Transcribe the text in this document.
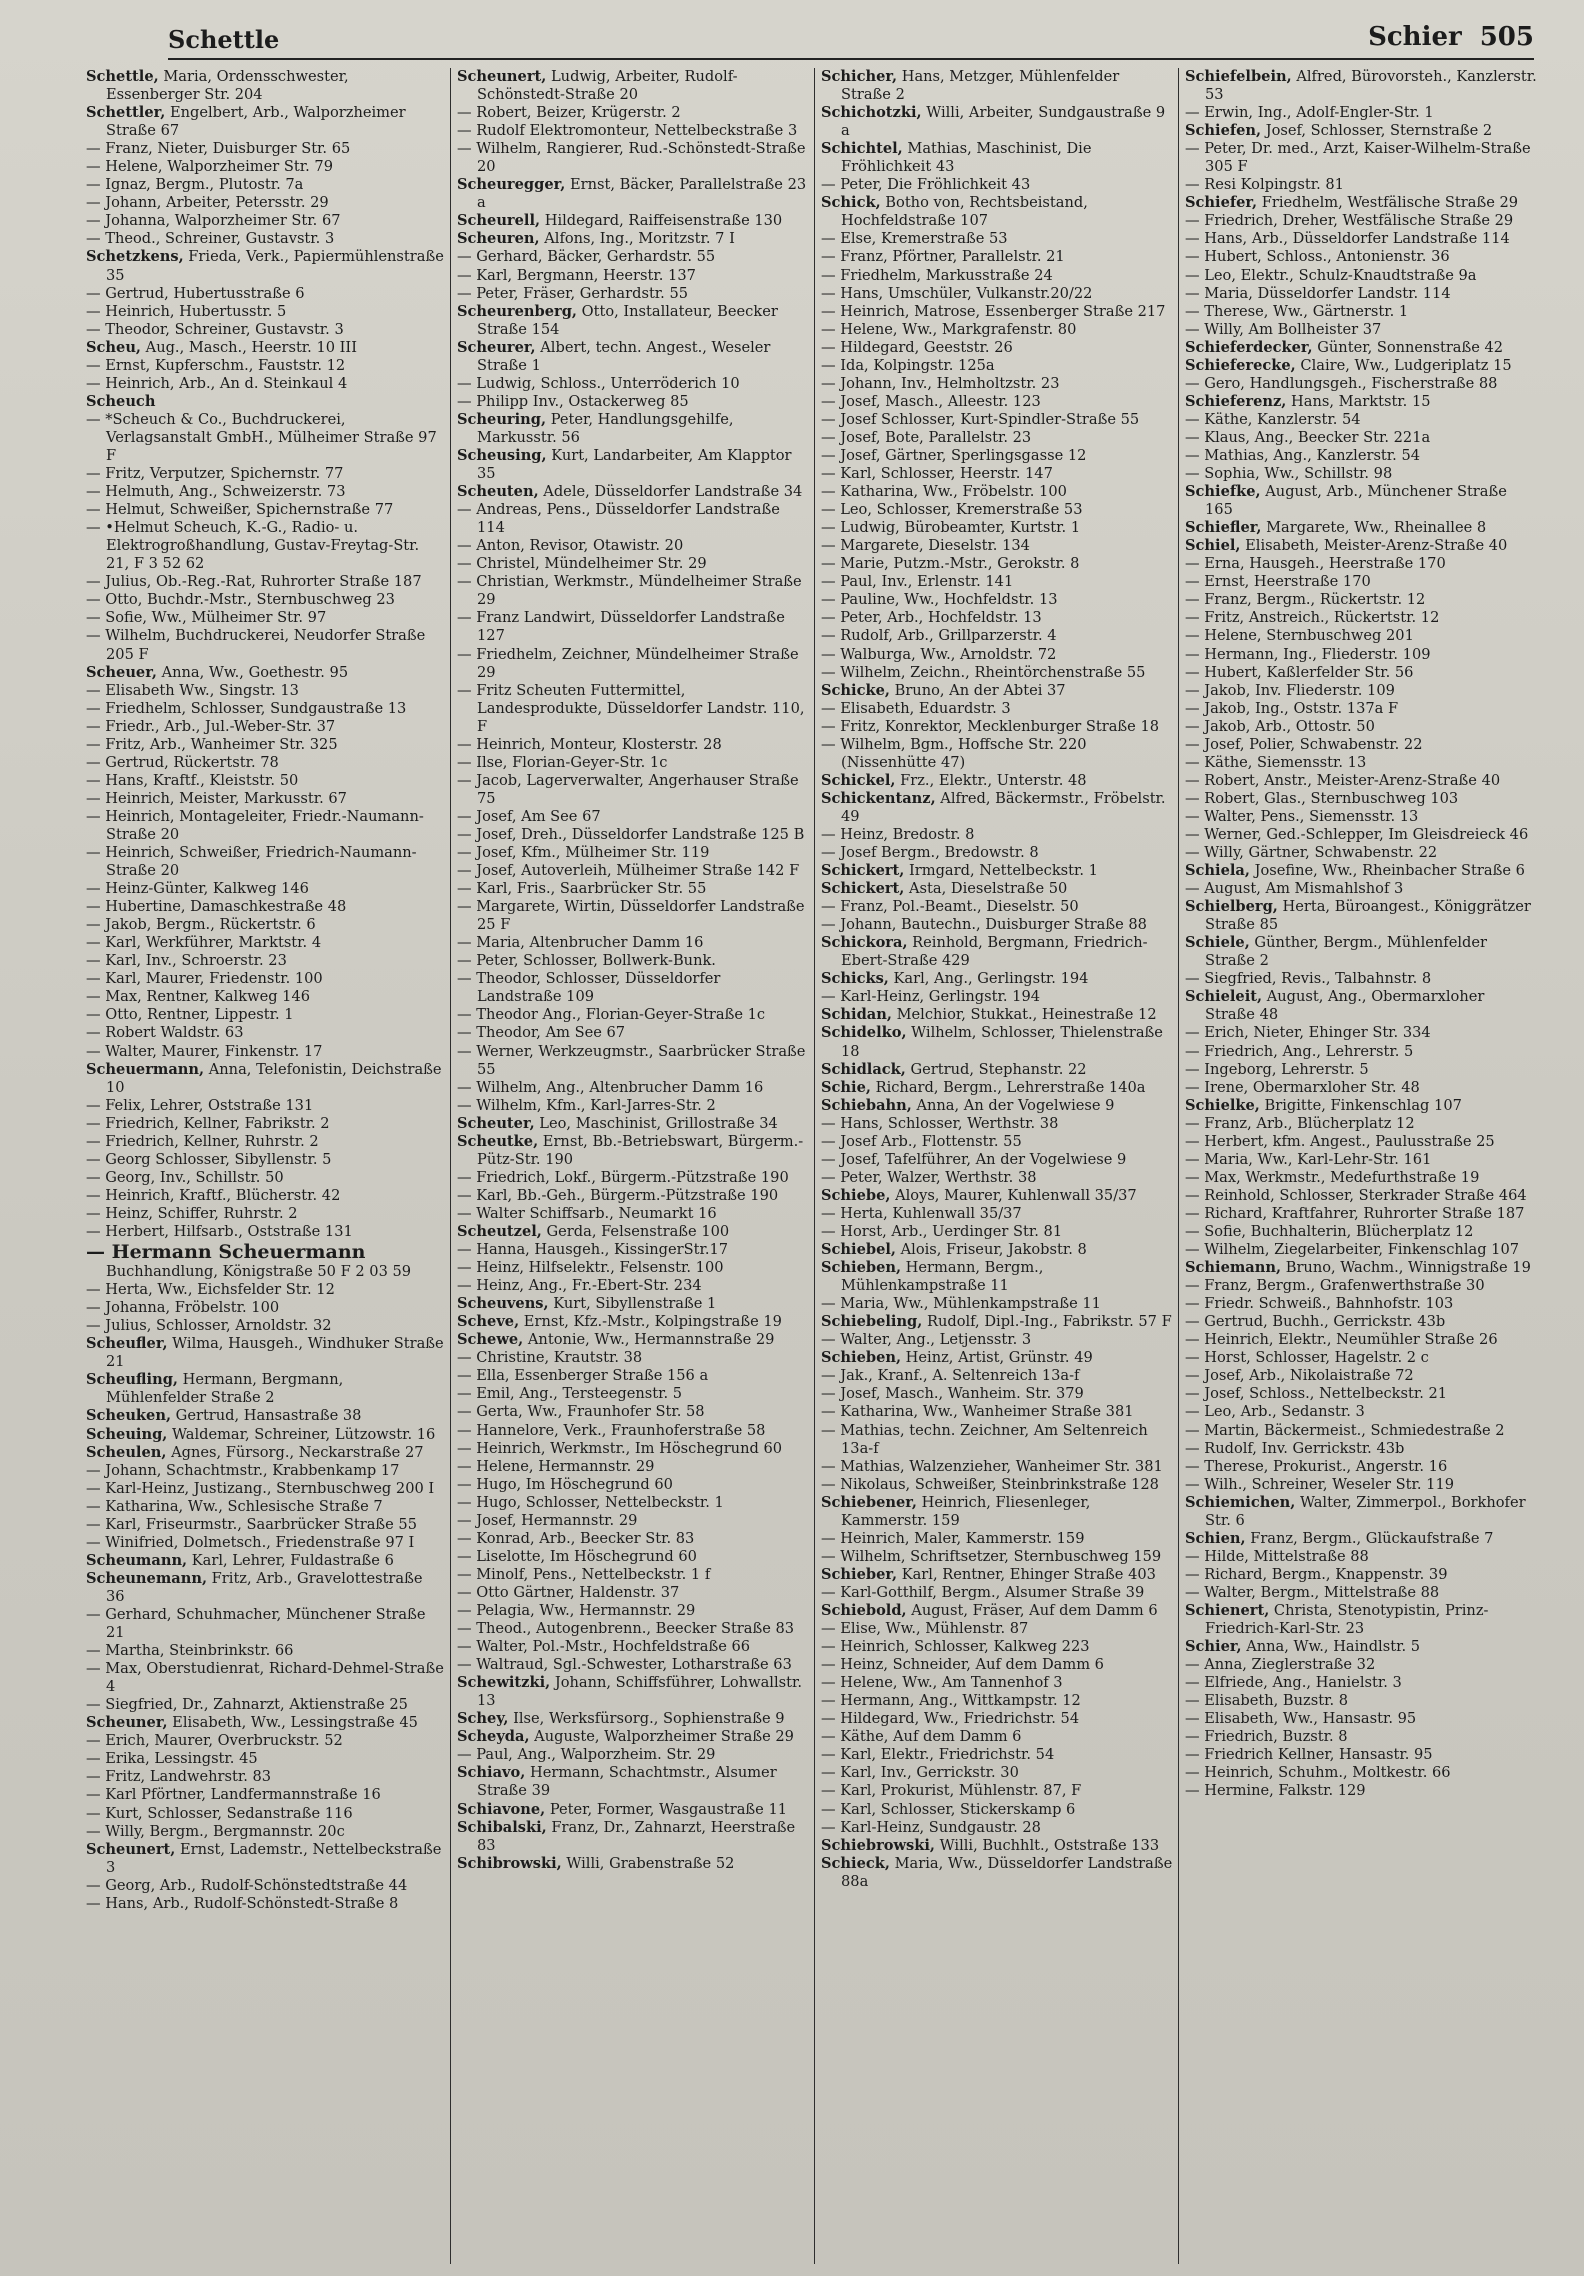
Schettle	Schier 505
Schettle, Maria, Ordensschwester, Essenberger Str. 204
Schettler, Engelbert, Arb., Walporzheimer Straße 67
— Franz, Nieter, Duisburger Str. 65
— Helene, Walporzheimer Str. 79
— Ignaz, Bergm., Plutostr. 7a
— Johann, Arbeiter, Petersstr. 29
— Johanna, Walporzheimer Str. 67
— Theod., Schreiner, Gustavstr. 3
Schetzkens, Frieda, Verk., Papiermühlenstraße 35
— Gertrud, Hubertusstraße 6
— Heinrich, Hubertusstr. 5
— Theodor, Schreiner, Gustavstr. 3
Scheu, Aug., Masch., Heerstr. 10 III
— Ernst, Kupferschm., Fauststr. 12
— Heinrich, Arb., An d. Steinkaul 4
Scheuch
— *Scheuch & Co., Buchdruckerei, Verlagsanstalt GmbH., Mülheimer Straße 97 F
— Fritz, Verputzer, Spichernstr. 77
— Helmuth, Ang., Schweizerstr. 73
— Helmut, Schweißer, Spichernstraße 77
— •Helmut Scheuch, K.-G., Radio- u. Elektrogroßhandlung, Gustav-Freytag-Str. 21, F 3 52 62
— Julius, Ob.-Reg.-Rat, Ruhrorter Straße 187
— Otto, Buchdr.-Mstr., Sternbuschweg 23
— Sofie, Ww., Mülheimer Str. 97
— Wilhelm, Buchdruckerei, Neudorfer Straße 205 F
Scheuer, Anna, Ww., Goethestr. 95
— Elisabeth Ww., Singstr. 13
— Friedhelm, Schlosser, Sundgaustraße 13
— Friedr., Arb., Jul.-Weber-Str. 37
— Fritz, Arb., Wanheimer Str. 325
— Gertrud, Rückertstr. 78
— Hans, Kraftf., Kleiststr. 50
— Heinrich, Meister, Markusstr. 67
— Heinrich, Montageleiter, Friedr.-Naumann-Straße 20
— Heinrich, Schweißer, Friedrich-Naumann-Straße 20
— Heinz-Günter, Kalkweg 146
— Hubertine, Damaschkestraße 48
— Jakob, Bergm., Rückertstr. 6
— Karl, Werkführer, Marktstr. 4
— Karl, Inv., Schroerstr. 23
— Karl, Maurer, Friedenstr. 100
— Max, Rentner, Kalkweg 146
— Otto, Rentner, Lippestr. 1
— Robert Waldstr. 63
— Walter, Maurer, Finkenstr. 17
Scheuermann, Anna, Telefonistin, Deichstraße 10
— Felix, Lehrer, Oststraße 131
— Friedrich, Kellner, Fabrikstr. 2
— Friedrich, Kellner, Ruhrstr. 2
— Georg Schlosser, Sibyllenstr. 5
— Georg, Inv., Schillstr. 50
— Heinrich, Kraftf., Blücherstr. 42
— Heinz, Schiffer, Ruhrstr. 2
— Herbert, Hilfsarb., Oststraße 131
— Hermann Scheuermann
Buchhandlung, Königstraße 50 F 2 03 59
— Herta, Ww., Eichsfelder Str. 12
— Johanna, Fröbelstr. 100
— Julius, Schlosser, Arnoldstr. 32
Scheufler, Wilma, Hausgeh., Windhuker Straße 21
Scheufling, Hermann, Bergmann, Mühlenfelder Straße 2
Scheuken, Gertrud, Hansastraße 38
Scheuing, Waldemar, Schreiner, Lützowstr. 16
Scheulen, Agnes, Fürsorg., Neckarstraße 27
— Johann, Schachtmstr., Krabbenkamp 17
— Karl-Heinz, Justizang., Sternbuschweg 200 I
— Katharina, Ww., Schlesische Straße 7
— Karl, Friseurmstr., Saarbrücker Straße 55
— Winifried, Dolmetsch., Friedenstraße 97 I
Scheumann, Karl, Lehrer, Fuldastraße 6
Scheunemann, Fritz, Arb., Gravelottestraße 36
— Gerhard, Schuhmacher, Münchener Straße 21
— Martha, Steinbrinkstr. 66
— Max, Oberstudienrat, Richard-Dehmel-Straße 4
— Siegfried, Dr., Zahnarzt, Aktienstraße 25
Scheuner, Elisabeth, Ww., Lessingstraße 45
— Erich, Maurer, Overbruckstr. 52
— Erika, Lessingstr. 45
— Fritz, Landwehrstr. 83
— Karl Pförtner, Landfermannstraße 16
— Kurt, Schlosser, Sedanstraße 116
— Willy, Bergm., Bergmannstr. 20c
Scheunert, Ernst, Lademstr., Nettelbeckstraße 3
— Georg, Arb., Rudolf-Schönstedtstraße 44
— Hans, Arb., Rudolf-Schönstedt-Straße 8
Scheunert, Ludwig, Arbeiter, Rudolf-Schönstedt-Straße 20
— Robert, Beizer, Krügerstr. 2
— Rudolf Elektromonteur, Nettelbeckstraße 3
— Wilhelm, Rangierer, Rud.-Schönstedt-Straße 20
Scheuregger, Ernst, Bäcker, Parallelstraße 23 a
Scheurell, Hildegard, Raiffeisenstraße 130
Scheuren, Alfons, Ing., Moritzstr. 7 I
— Gerhard, Bäcker, Gerhardstr. 55
— Karl, Bergmann, Heerstr. 137
— Peter, Fräser, Gerhardstr. 55
Scheurenberg, Otto, Installateur, Beecker Straße 154
Scheurer, Albert, techn. Angest., Weseler Straße 1
— Ludwig, Schloss., Unterröderich 10
— Philipp Inv., Ostackerweg 85
Scheuring, Peter, Handlungsgehilfe, Markusstr. 56
Scheusing, Kurt, Landarbeiter, Am Klapptor 35
Scheuten, Adele, Düsseldorfer Landstraße 34
— Andreas, Pens., Düsseldorfer Landstraße 114
— Anton, Revisor, Otawistr. 20
— Christel, Mündelheimer Str. 29
— Christian, Werkmstr., Mündelheimer Straße 29
— Franz Landwirt, Düsseldorfer Landstraße 127
— Friedhelm, Zeichner, Mündelheimer Straße 29
— Fritz Scheuten Futtermittel, Landesprodukte, Düsseldorfer Landstr. 110, F
— Heinrich, Monteur, Klosterstr. 28
— Ilse, Florian-Geyer-Str. 1c
— Jacob, Lagerverwalter, Angerhauser Straße 75
— Josef, Am See 67
— Josef, Dreh., Düsseldorfer Landstraße 125 B
— Josef, Kfm., Mülheimer Str. 119
— Josef, Autoverleih, Mülheimer Straße 142 F
— Karl, Fris., Saarbrücker Str. 55
— Margarete, Wirtin, Düsseldorfer Landstraße 25 F
— Maria, Altenbrucher Damm 16
— Peter, Schlosser, Bollwerk-Bunk.
— Theodor, Schlosser, Düsseldorfer Landstraße 109
— Theodor Ang., Florian-Geyer-Straße 1c
— Theodor, Am See 67
— Werner, Werkzeugmstr., Saarbrücker Straße 55
— Wilhelm, Ang., Altenbrucher Damm 16
— Wilhelm, Kfm., Karl-Jarres-Str. 2
Scheuter, Leo, Maschinist, Grillostraße 34
Scheutke, Ernst, Bb.-Betriebswart, Bürgerm.-Pütz-Str. 190
— Friedrich, Lokf., Bürgerm.-Pützstraße 190
— Karl, Bb.-Geh., Bürgerm.-Pützstraße 190
— Walter Schiffsarb., Neumarkt 16
Scheutzel, Gerda, Felsenstraße 100
— Hanna, Hausgeh., KissingerStr.17
— Heinz, Hilfselektr., Felsenstr. 100
— Heinz, Ang., Fr.-Ebert-Str. 234
Scheuvens, Kurt, Sibyllenstraße 1
Scheve, Ernst, Kfz.-Mstr., Kolpingstraße 19
Schewe, Antonie, Ww., Hermannstraße 29
— Christine, Krautstr. 38
— Ella, Essenberger Straße 156 a
— Emil, Ang., Tersteegenstr. 5
— Gerta, Ww., Fraunhofer Str. 58
— Hannelore, Verk., Fraunhoferstraße 58
— Heinrich, Werkmstr., Im Höschegrund 60
— Helene, Hermannstr. 29
— Hugo, Im Höschegrund 60
— Hugo, Schlosser, Nettelbeckstr. 1
— Josef, Hermannstr. 29
— Konrad, Arb., Beecker Str. 83
— Liselotte, Im Höschegrund 60
— Minolf, Pens., Nettelbeckstr. 1 f
— Otto Gärtner, Haldenstr. 37
— Pelagia, Ww., Hermannstr. 29
— Theod., Autogenbrenn., Beecker Straße 83
— Walter, Pol.-Mstr., Hochfeldstraße 66
— Waltraud, Sgl.-Schwester, Lotharstraße 63
Schewitzki, Johann, Schiffsführer, Lohwallstr. 13
Schey, Ilse, Werksfürsorg., Sophienstraße 9
Scheyda, Auguste, Walporzheimer Straße 29
— Paul, Ang., Walporzheim. Str. 29
Schiavo, Hermann, Schachtmstr., Alsumer Straße 39
Schiavone, Peter, Former, Wasgaustraße 11
Schibalski, Franz, Dr., Zahnarzt, Heerstraße 83
Schibrowski, Willi, Grabenstraße 52
Schicher, Hans, Metzger, Mühlenfelder Straße 2
Schichotzki, Willi, Arbeiter, Sundgaustraße 9 a
Schichtel, Mathias, Maschinist, Die Fröhlichkeit 43
— Peter, Die Fröhlichkeit 43
Schick, Botho von, Rechtsbeistand, Hochfeldstraße 107
— Else, Kremerstraße 53
— Franz, Pförtner, Parallelstr. 21
— Friedhelm, Markusstraße 24
— Hans, Umschüler, Vulkanstr.20/22
— Heinrich, Matrose, Essenberger Straße 217
— Helene, Ww., Markgrafenstr. 80
— Hildegard, Geeststr. 26
— Ida, Kolpingstr. 125a
— Johann, Inv., Helmholtzstr. 23
— Josef, Masch., Alleestr. 123
— Josef Schlosser, Kurt-Spindler-Straße 55
— Josef, Bote, Parallelstr. 23
— Josef, Gärtner, Sperlingsgasse 12
— Karl, Schlosser, Heerstr. 147
— Katharina, Ww., Fröbelstr. 100
— Leo, Schlosser, Kremerstraße 53
— Ludwig, Bürobeamter, Kurtstr. 1
— Margarete, Dieselstr. 134
— Marie, Putzm.-Mstr., Gerokstr. 8
— Paul, Inv., Erlenstr. 141
— Pauline, Ww., Hochfeldstr. 13
— Peter, Arb., Hochfeldstr. 13
— Rudolf, Arb., Grillparzerstr. 4
— Walburga, Ww., Arnoldstr. 72
— Wilhelm, Zeichn., Rheintörchenstraße 55
Schicke, Bruno, An der Abtei 37
— Elisabeth, Eduardstr. 3
— Fritz, Konrektor, Mecklenburger Straße 18
— Wilhelm, Bgm., Hoffsche Str. 220 (Nissenhütte 47)
Schickel, Frz., Elektr., Unterstr. 48
Schickentanz, Alfred, Bäckermstr., Fröbelstr. 49
— Heinz, Bredostr. 8
— Josef Bergm., Bredowstr. 8
Schickert, Irmgard, Nettelbeckstr. 1
Schickert, Asta, Dieselstraße 50
— Franz, Pol.-Beamt., Dieselstr. 50
— Johann, Bautechn., Duisburger Straße 88
Schickora, Reinhold, Bergmann, Friedrich-Ebert-Straße 429
Schicks, Karl, Ang., Gerlingstr. 194
— Karl-Heinz, Gerlingstr. 194
Schidan, Melchior, Stukkat., Heinestraße 12
Schidelko, Wilhelm, Schlosser, Thielenstraße 18
Schidlack, Gertrud, Stephanstr. 22
Schie, Richard, Bergm., Lehrerstraße 140a
Schiebahn, Anna, An der Vogelwiese 9
— Hans, Schlosser, Werthstr. 38
— Josef Arb., Flottenstr. 55
— Josef, Tafelführer, An der Vogelwiese 9
— Peter, Walzer, Werthstr. 38
Schiebe, Aloys, Maurer, Kuhlenwall 35/37
— Herta, Kuhlenwall 35/37
— Horst, Arb., Uerdinger Str. 81
Schiebel, Alois, Friseur, Jakobstr. 8
Schieben, Hermann, Bergm., Mühlenkampstraße 11
— Maria, Ww., Mühlenkampstraße 11
Schiebeling, Rudolf, Dipl.-Ing., Fabrikstr. 57 F
— Walter, Ang., Letjensstr. 3
Schieben, Heinz, Artist, Grünstr. 49
— Jak., Kranf., A. Seltenreich 13a-f
— Josef, Masch., Wanheim. Str. 379
— Katharina, Ww., Wanheimer Straße 381
— Mathias, techn. Zeichner, Am Seltenreich 13a-f
— Mathias, Walzenzieher, Wanheimer Str. 381
— Nikolaus, Schweißer, Steinbrinkstraße 128
Schiebener, Heinrich, Fliesenleger, Kammerstr. 159
— Heinrich, Maler, Kammerstr. 159
— Wilhelm, Schriftsetzer, Sternbuschweg 159
Schieber, Karl, Rentner, Ehinger Straße 403
— Karl-Gotthilf, Bergm., Alsumer Straße 39
Schiebold, August, Fräser, Auf dem Damm 6
— Elise, Ww., Mühlenstr. 87
— Heinrich, Schlosser, Kalkweg 223
— Heinz, Schneider, Auf dem Damm 6
— Helene, Ww., Am Tannenhof 3
— Hermann, Ang., Wittkampstr. 12
— Hildegard, Ww., Friedrichstr. 54
— Käthe, Auf dem Damm 6
— Karl, Elektr., Friedrichstr. 54
— Karl, Inv., Gerrickstr. 30
— Karl, Prokurist, Mühlenstr. 87, F
— Karl, Schlosser, Stickerskamp 6
— Karl-Heinz, Sundgaustr. 28
Schiebrowski, Willi, Buchhlt., Oststraße 133
Schieck, Maria, Ww., Düsseldorfer Landstraße 88a
Schiefelbein, Alfred, Bürovorsteh., Kanzlerstr. 53
— Erwin, Ing., Adolf-Engler-Str. 1
Schiefen, Josef, Schlosser, Sternstraße 2
— Peter, Dr. med., Arzt, Kaiser-Wilhelm-Straße 305 F
— Resi Kolpingstr. 81
Schiefer, Friedhelm, Westfälische Straße 29
— Friedrich, Dreher, Westfälische Straße 29
— Hans, Arb., Düsseldorfer Landstraße 114
— Hubert, Schloss., Antonienstr. 36
— Leo, Elektr., Schulz-Knaudtstraße 9a
— Maria, Düsseldorfer Landstr. 114
— Therese, Ww., Gärtnerstr. 1
— Willy, Am Bollheister 37
Schieferdecker, Günter, Sonnenstraße 42
Schieferecke, Claire, Ww., Ludgeriplatz 15
— Gero, Handlungsgeh., Fischerstraße 88
Schieferenz, Hans, Marktstr. 15
— Käthe, Kanzlerstr. 54
— Klaus, Ang., Beecker Str. 221a
— Mathias, Ang., Kanzlerstr. 54
— Sophia, Ww., Schillstr. 98
Schiefke, August, Arb., Münchener Straße 165
Schiefler, Margarete, Ww., Rheinallee 8
Schiel, Elisabeth, Meister-Arenz-Straße 40
— Erna, Hausgeh., Heerstraße 170
— Ernst, Heerstraße 170
— Franz, Bergm., Rückertstr. 12
— Fritz, Anstreich., Rückertstr. 12
— Helene, Sternbuschweg 201
— Hermann, Ing., Fliederstr. 109
— Hubert, Kaßlerfelder Str. 56
— Jakob, Inv. Fliederstr. 109
— Jakob, Ing., Oststr. 137a F
— Jakob, Arb., Ottostr. 50
— Josef, Polier, Schwabenstr. 22
— Käthe, Siemensstr. 13
— Robert, Anstr., Meister-Arenz-Straße 40
— Robert, Glas., Sternbuschweg 103
— Walter, Pens., Siemensstr. 13
— Werner, Ged.-Schlepper, Im Gleisdreieck 46
— Willy, Gärtner, Schwabenstr. 22
Schiela, Josefine, Ww., Rheinbacher Straße 6
— August, Am Mismahlshof 3
Schielberg, Herta, Büroangest., Königgrätzer Straße 85
Schiele, Günther, Bergm., Mühlenfelder Straße 2
— Siegfried, Revis., Talbahnstr. 8
Schieleit, August, Ang., Obermarxloher Straße 48
— Erich, Nieter, Ehinger Str. 334
— Friedrich, Ang., Lehrerstr. 5
— Ingeborg, Lehrerstr. 5
— Irene, Obermarxloher Str. 48
Schielke, Brigitte, Finkenschlag 107
— Franz, Arb., Blücherplatz 12
— Herbert, kfm. Angest., Paulusstraße 25
— Maria, Ww., Karl-Lehr-Str. 161
— Max, Werkmstr., Medefurthstraße 19
— Reinhold, Schlosser, Sterkrader Straße 464
— Richard, Kraftfahrer, Ruhrorter Straße 187
— Sofie, Buchhalterin, Blücherplatz 12
— Wilhelm, Ziegelarbeiter, Finkenschlag 107
Schiemann, Bruno, Wachm., Winnigstraße 19
— Franz, Bergm., Grafenwerthstraße 30
— Friedr. Schweiß., Bahnhofstr. 103
— Gertrud, Buchh., Gerrickstr. 43b
— Heinrich, Elektr., Neumühler Straße 26
— Horst, Schlosser, Hagelstr. 2 c
— Josef, Arb., Nikolaistraße 72
— Josef, Schloss., Nettelbeckstr. 21
— Leo, Arb., Sedanstr. 3
— Martin, Bäckermeist., Schmiedestraße 2
— Rudolf, Inv. Gerrickstr. 43b
— Therese, Prokurist., Angerstr. 16
— Wilh., Schreiner, Weseler Str. 119
Schiemichen, Walter, Zimmerpol., Borkhofer Str. 6
Schien, Franz, Bergm., Glückaufstraße 7
— Hilde, Mittelstraße 88
— Richard, Bergm., Knappenstr. 39
— Walter, Bergm., Mittelstraße 88
Schienert, Christa, Stenotypistin, Prinz-Friedrich-Karl-Str. 23
Schier, Anna, Ww., Haindlstr. 5
— Anna, Zieglerstraße 32
— Elfriede, Ang., Hanielstr. 3
— Elisabeth, Buzstr. 8
— Elisabeth, Ww., Hansastr. 95
— Friedrich, Buzstr. 8
— Friedrich Kellner, Hansastr. 95
— Heinrich, Schuhm., Moltkestr. 66
— Hermine, Falkstr. 129
